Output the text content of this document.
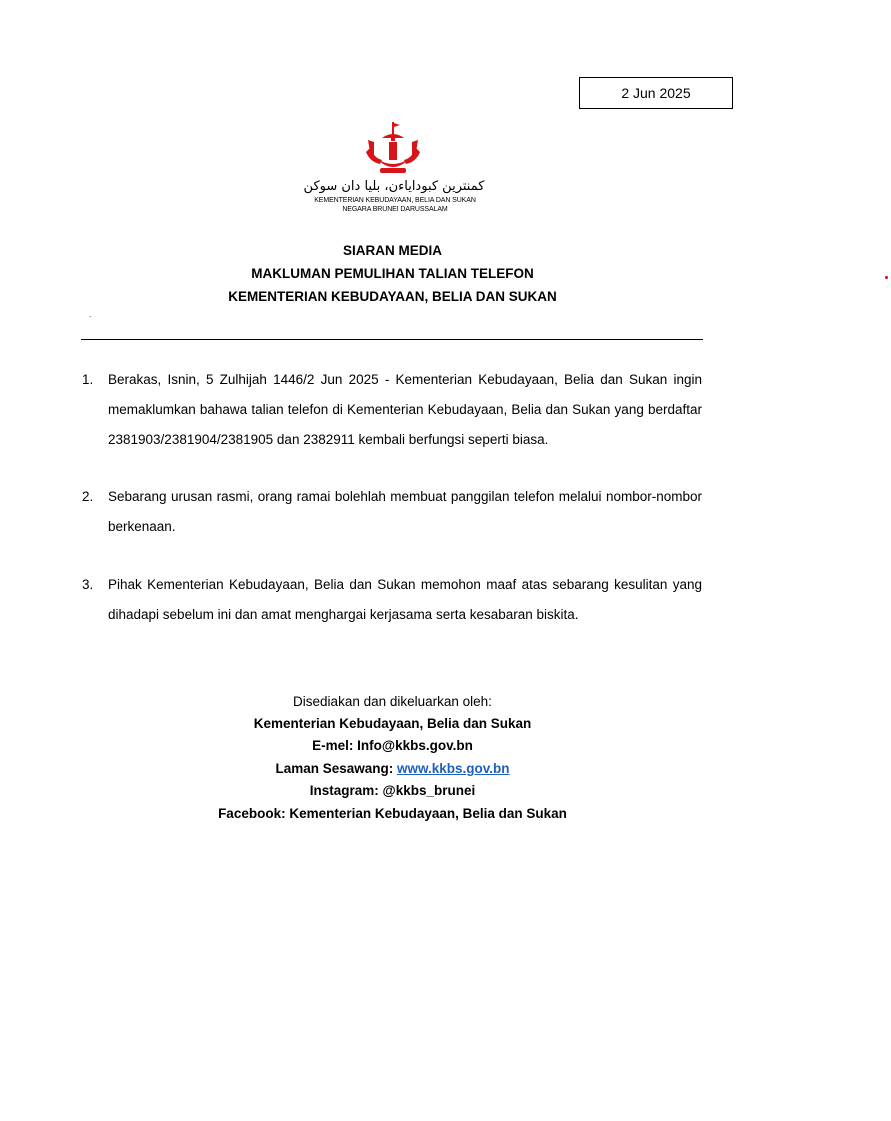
2 Jun 2025
کمنترين کبوداياءن، بليا دان سوکن
KEMENTERIAN KEBUDAYAAN, BELIA DAN SUKAN
NEGARA BRUNEI DARUSSALAM
SIARAN MEDIA
MAKLUMAN PEMULIHAN TALIAN TELEFON
KEMENTERIAN KEBUDAYAAN, BELIA DAN SUKAN
.
1.	Berakas, Isnin, 5 Zulhijah 1446/2 Jun 2025 - Kementerian Kebudayaan, Belia dan Sukan ingin memaklumkan bahawa talian telefon di Kementerian Kebudayaan, Belia dan Sukan yang berdaftar 2381903/2381904/2381905 dan 2382911 kembali berfungsi seperti biasa.
2.	Sebarang urusan rasmi, orang ramai bolehlah membuat panggilan telefon melalui nombor-nombor berkenaan.
3.	Pihak Kementerian Kebudayaan, Belia dan Sukan memohon maaf atas sebarang kesulitan yang dihadapi sebelum ini dan amat menghargai kerjasama serta kesabaran biskita.
Disediakan dan dikeluarkan oleh:
Kementerian Kebudayaan, Belia dan Sukan
E-mel: Info@kkbs.gov.bn
Laman Sesawang: www.kkbs.gov.bn
Instagram: @kkbs_brunei
Facebook: Kementerian Kebudayaan, Belia dan Sukan
